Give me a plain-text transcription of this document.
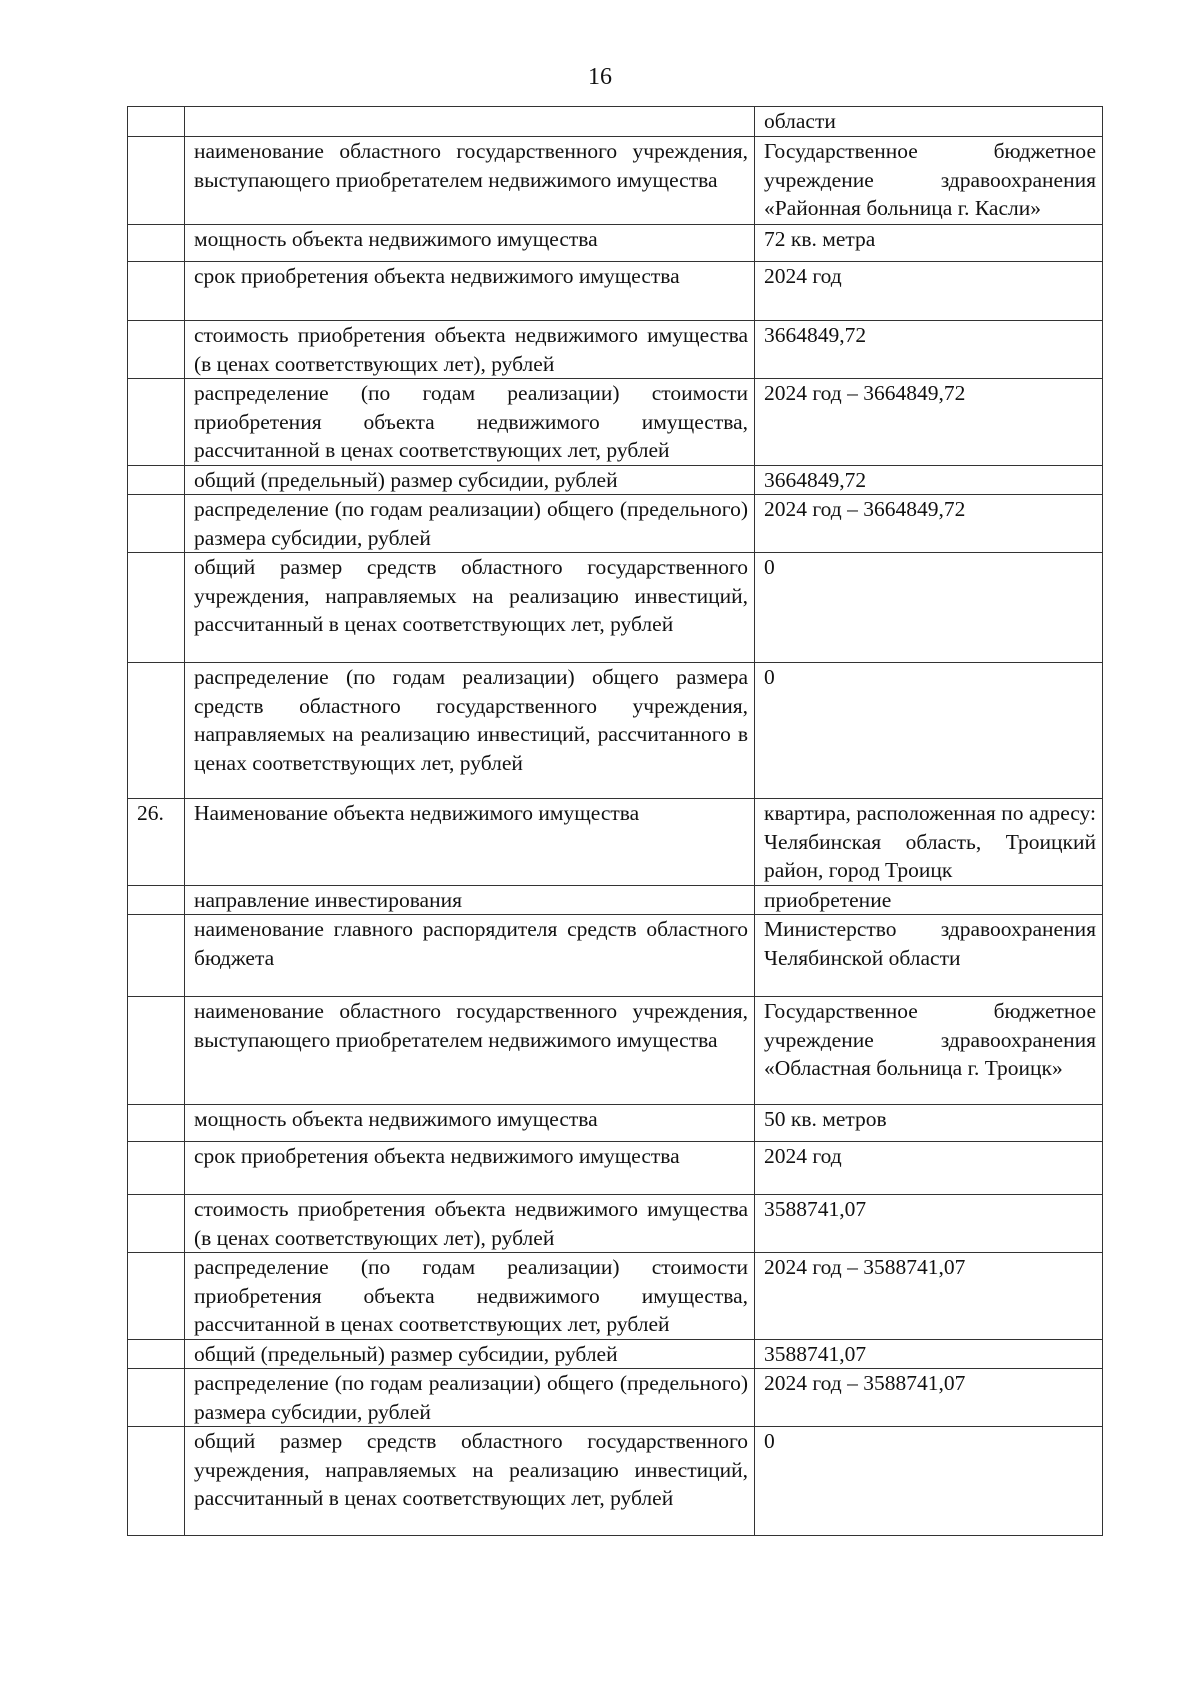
16
		области
	наименование областного государственного учреждения, выступающего приобретателем недвижимого имущества	Государственное бюджетное учреждение здравоохранения «Районная больница г. Касли»
	мощность объекта недвижимого имущества	72 кв. метра
	срок приобретения объекта недвижимого имущества	2024 год
	стоимость приобретения объекта недвижимого имущества (в ценах соответствующих лет), рублей	3664849,72
	распределение (по годам реализации) стоимости приобретения объекта недвижимого имущества, рассчитанной в ценах соответствующих лет, рублей	2024 год – 3664849,72
	общий (предельный) размер субсидии, рублей	3664849,72
	распределение (по годам реализации) общего (предельного) размера субсидии, рублей	2024 год – 3664849,72
	общий размер средств областного государственного учреждения, направляемых на реализацию инвестиций, рассчитанный в ценах соответствующих лет, рублей	0
	распределение (по годам реализации) общего размера средств областного государственного учреждения, направляемых на реализацию инвестиций, рассчитанного в ценах соответствующих лет, рублей	0
26.	Наименование объекта недвижимого имущества	квартира, расположенная по адресу: Челябинская область, Троицкий район, город Троицк
	направление инвестирования	приобретение
	наименование главного распорядителя средств областного бюджета	Министерство здравоохранения Челябинской области
	наименование областного государственного учреждения, выступающего приобретателем недвижимого имущества	Государственное бюджетное учреждение здравоохранения «Областная больница г. Троицк»
	мощность объекта недвижимого имущества	50 кв. метров
	срок приобретения объекта недвижимого имущества	2024 год
	стоимость приобретения объекта недвижимого имущества (в ценах соответствующих лет), рублей	3588741,07
	распределение (по годам реализации) стоимости приобретения объекта недвижимого имущества, рассчитанной в ценах соответствующих лет, рублей	2024 год – 3588741,07
	общий (предельный) размер субсидии, рублей	3588741,07
	распределение (по годам реализации) общего (предельного) размера субсидии, рублей	2024 год – 3588741,07
	общий размер средств областного государственного учреждения, направляемых на реализацию инвестиций, рассчитанный в ценах соответствующих лет, рублей	0
